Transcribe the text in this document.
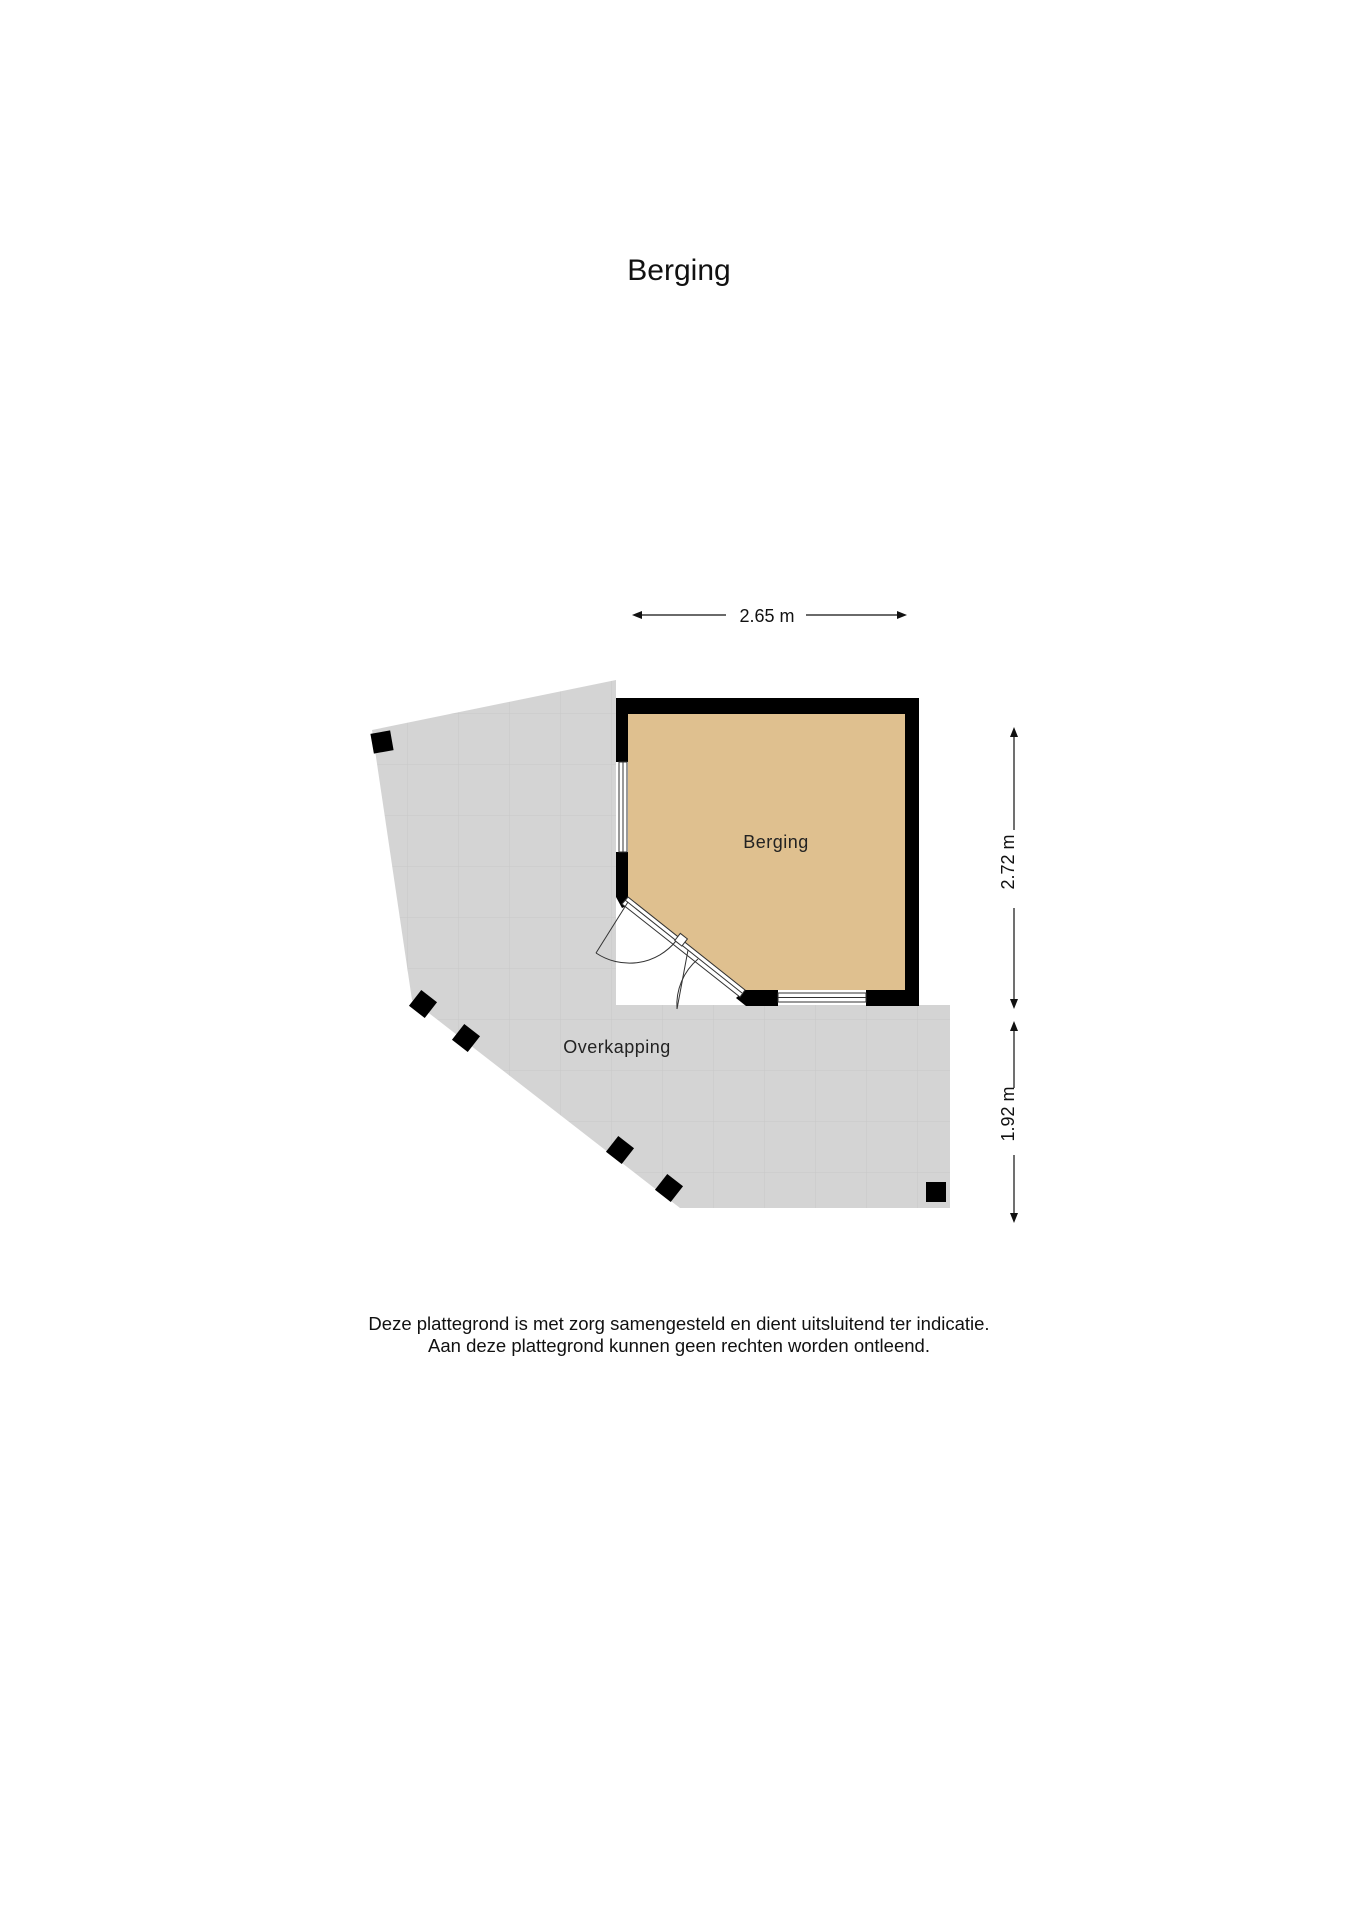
Berging
Berging
Overkapping
2.65 m
2.72 m
1.92 m
Deze plattegrond is met zorg samengesteld en dient uitsluitend ter indicatie.
Aan deze plattegrond kunnen geen rechten worden ontleend.
